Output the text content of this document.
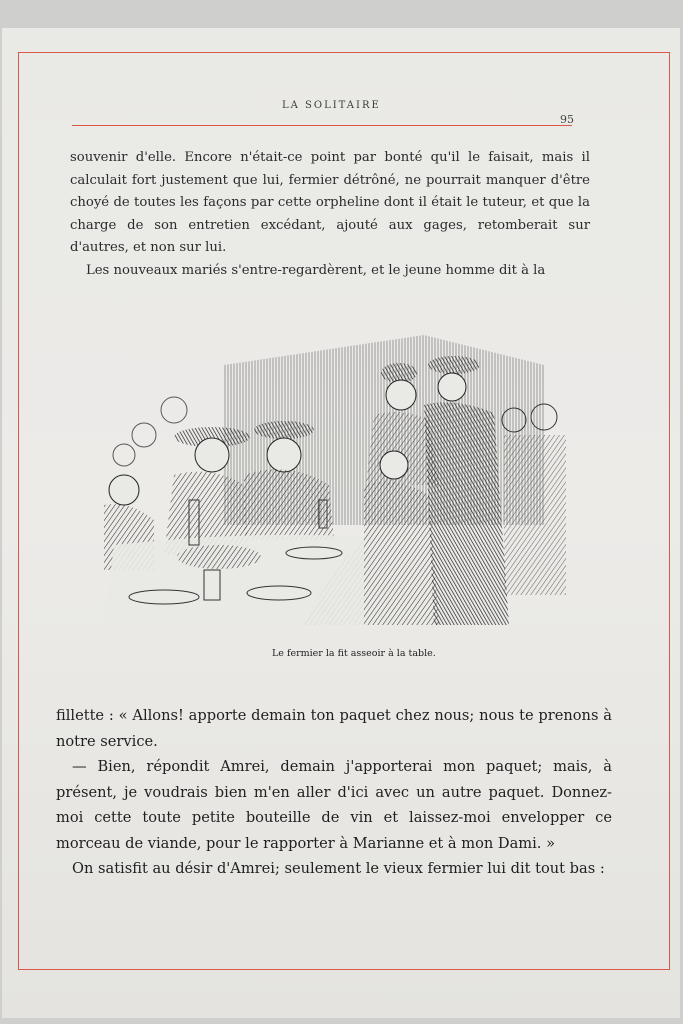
LA SOLITAIRE
95

souvenir d'elle. Encore n'était-ce point par bonté qu'il le faisait, mais il calculait fort justement que lui, fermier détrôné, ne pourrait manquer d'être choyé de toutes les façons par cette orpheline dont il était le tuteur, et que la charge de son entretien excédant, ajouté aux gages, retomberait sur d'autres, et non sur lui.

Les nouveaux mariés s'entre-regardèrent, et le jeune homme dit à la

Le fermier la fit asseoir à la table.

fillette : « Allons! apporte demain ton paquet chez nous; nous te prenons à notre service.

— Bien, répondit Amrei, demain j'apporterai mon paquet; mais, à présent, je voudrais bien m'en aller d'ici avec un autre paquet. Donnez-moi cette toute petite bouteille de vin et laissez-moi envelopper ce morceau de viande, pour le rapporter à Marianne et à mon Dami. »

On satisfit au désir d'Amrei; seulement le vieux fermier lui dit tout bas :
